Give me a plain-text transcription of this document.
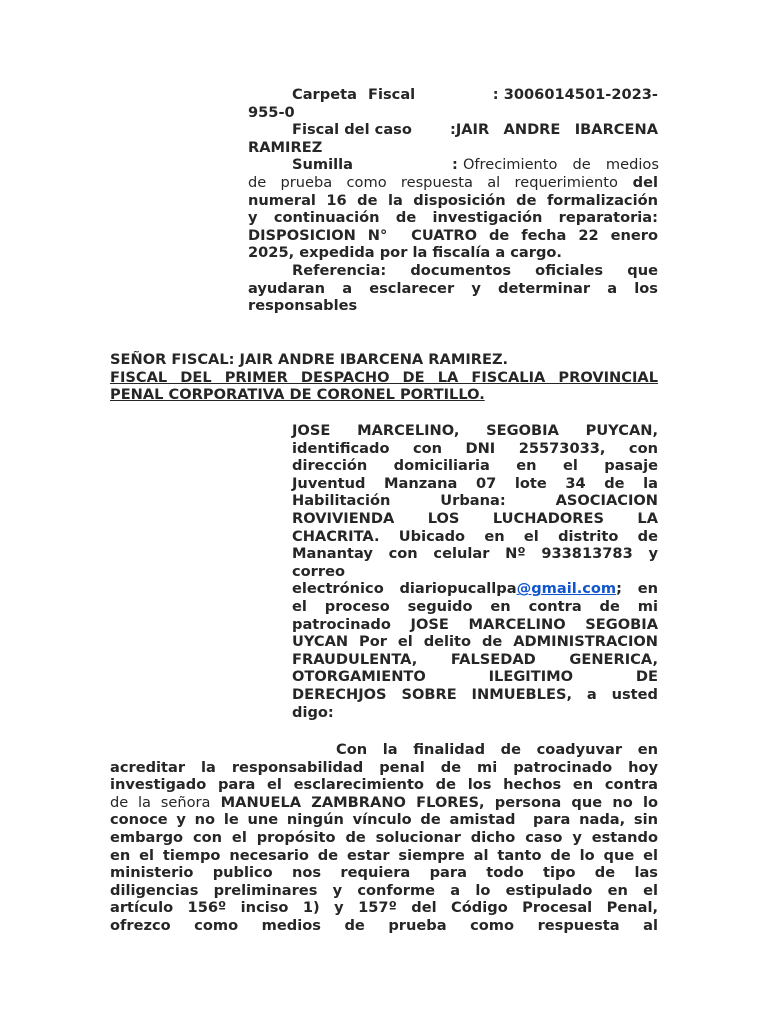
Carpeta Fiscal	: 3006014501-2023-
955-0
Fiscal del caso	:JAIR ANDRE IBARCENA
RAMIREZ
Sumilla	: Ofrecimiento de medios
de prueba como respuesta al requerimiento del
numeral 16 de la disposición de formalización
y continuación de investigación reparatoria:
DISPOSICION N°  CUATRO de fecha 22 enero
2025, expedida por la fiscalía a cargo.
Referencia: documentos oficiales que
ayudaran a esclarecer y determinar a los
responsables
SEÑOR FISCAL: JAIR ANDRE IBARCENA RAMIREZ.
FISCAL DEL PRIMER DESPACHO DE LA FISCALIA PROVINCIAL
PENAL CORPORATIVA DE CORONEL PORTILLO.
JOSE MARCELINO, SEGOBIA PUYCAN,
identificado con DNI 25573033, con
dirección domiciliaria en el pasaje
Juventud Manzana 07 lote 34 de la
Habilitación Urbana: ASOCIACION
ROVIVIENDA LOS LUCHADORES LA
CHACRITA. Ubicado en el distrito de
Manantay con celular Nº 933813783 y
correo
electrónico diariopucallpa@gmail.com; en
el proceso seguido en contra de mi
patrocinado JOSE MARCELINO SEGOBIA
UYCAN Por el delito de ADMINISTRACION
FRAUDULENTA, FALSEDAD GENERICA,
OTORGAMIENTO ILEGITIMO DE
DERECHJOS SOBRE INMUEBLES, a usted
digo:
Con la finalidad de coadyuvar en
acreditar la responsabilidad penal de mi patrocinado hoy
investigado para el esclarecimiento de los hechos en contra
de la señora MANUELA ZAMBRANO FLORES, persona que no lo
conoce y no le une ningún vínculo de amistad  para nada, sin
embargo con el propósito de solucionar dicho caso y estando
en el tiempo necesario de estar siempre al tanto de lo que el
ministerio publico nos requiera para todo tipo de las
diligencias preliminares y conforme a lo estipulado en el
artículo 156º inciso 1) y 157º del Código Procesal Penal,
ofrezco como medios de prueba como respuesta al
